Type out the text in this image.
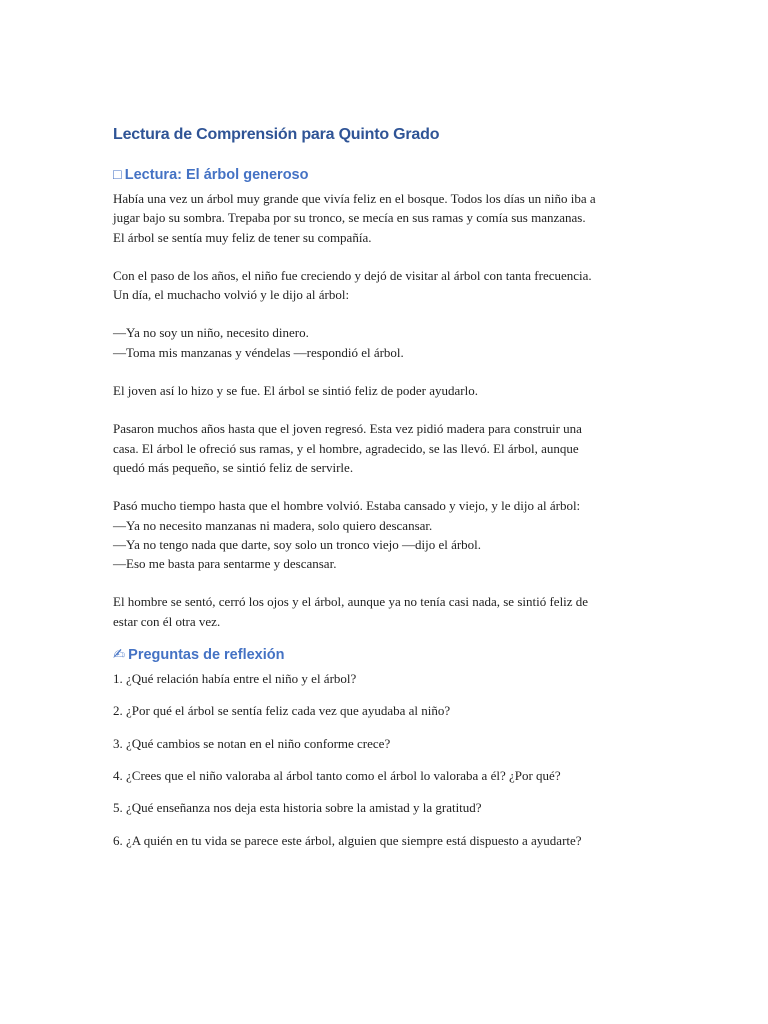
Lectura de Comprensión para Quinto Grado
□ Lectura: El árbol generoso

Había una vez un árbol muy grande que vivía feliz en el bosque. Todos los días un niño iba a
jugar bajo su sombra. Trepaba por su tronco, se mecía en sus ramas y comía sus manzanas.
El árbol se sentía muy feliz de tener su compañía.

Con el paso de los años, el niño fue creciendo y dejó de visitar al árbol con tanta frecuencia.
Un día, el muchacho volvió y le dijo al árbol:

—Ya no soy un niño, necesito dinero.
—Toma mis manzanas y véndelas —respondió el árbol.

El joven así lo hizo y se fue. El árbol se sintió feliz de poder ayudarlo.

Pasaron muchos años hasta que el joven regresó. Esta vez pidió madera para construir una
casa. El árbol le ofreció sus ramas, y el hombre, agradecido, se las llevó. El árbol, aunque
quedó más pequeño, se sintió feliz de servirle.

Pasó mucho tiempo hasta que el hombre volvió. Estaba cansado y viejo, y le dijo al árbol:
—Ya no necesito manzanas ni madera, solo quiero descansar.
—Ya no tengo nada que darte, soy solo un tronco viejo —dijo el árbol.
—Eso me basta para sentarme y descansar.

El hombre se sentó, cerró los ojos y el árbol, aunque ya no tenía casi nada, se sintió feliz de
estar con él otra vez.

✍ Preguntas de reflexión

1. ¿Qué relación había entre el niño y el árbol?

2. ¿Por qué el árbol se sentía feliz cada vez que ayudaba al niño?

3. ¿Qué cambios se notan en el niño conforme crece?

4. ¿Crees que el niño valoraba al árbol tanto como el árbol lo valoraba a él? ¿Por qué?

5. ¿Qué enseñanza nos deja esta historia sobre la amistad y la gratitud?

6. ¿A quién en tu vida se parece este árbol, alguien que siempre está dispuesto a ayudarte?
